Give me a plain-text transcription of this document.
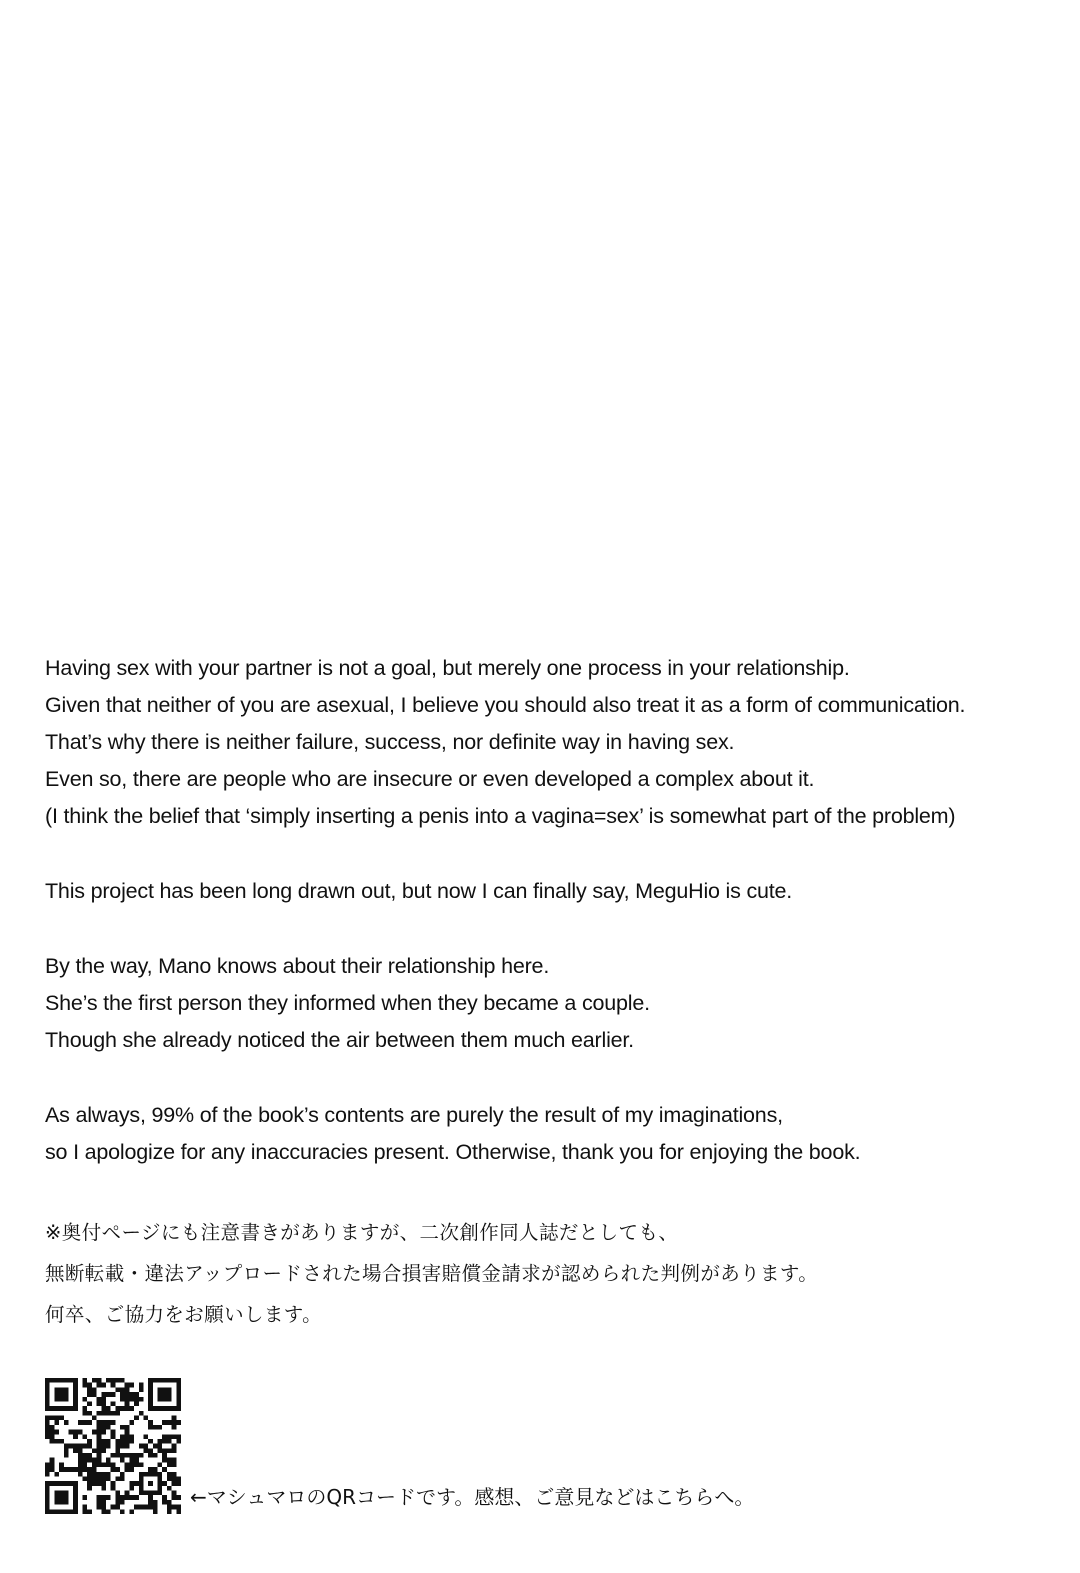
Having sex with your partner is not a goal, but merely one process in your relationship.
Given that neither of you are asexual, I believe you should also treat it as a form of communication.
That’s why there is neither failure, success, nor definite way in having sex.
Even so, there are people who are insecure or even developed a complex about it.
(I think the belief that ‘simply inserting a penis into a vagina=sex’ is somewhat part of the problem)
This project has been long drawn out, but now I can finally say, MeguHio is cute.
By the way, Mano knows about their relationship here.
She’s the first person they informed when they became a couple.
Though she already noticed the air between them much earlier.
As always, 99% of the book’s contents are purely the result of my imaginations,
so I apologize for any inaccuracies present. Otherwise, thank you for enjoying the book.
※奥付ページにも注意書きがありますが、二次創作同人誌だとしても、
無断転載・違法アップロードされた場合損害賠償金請求が認められた判例があります。
何卒、ご協力をお願いします。
←マシュマロのQRコードです。感想、ご意見などはこちらへ。
